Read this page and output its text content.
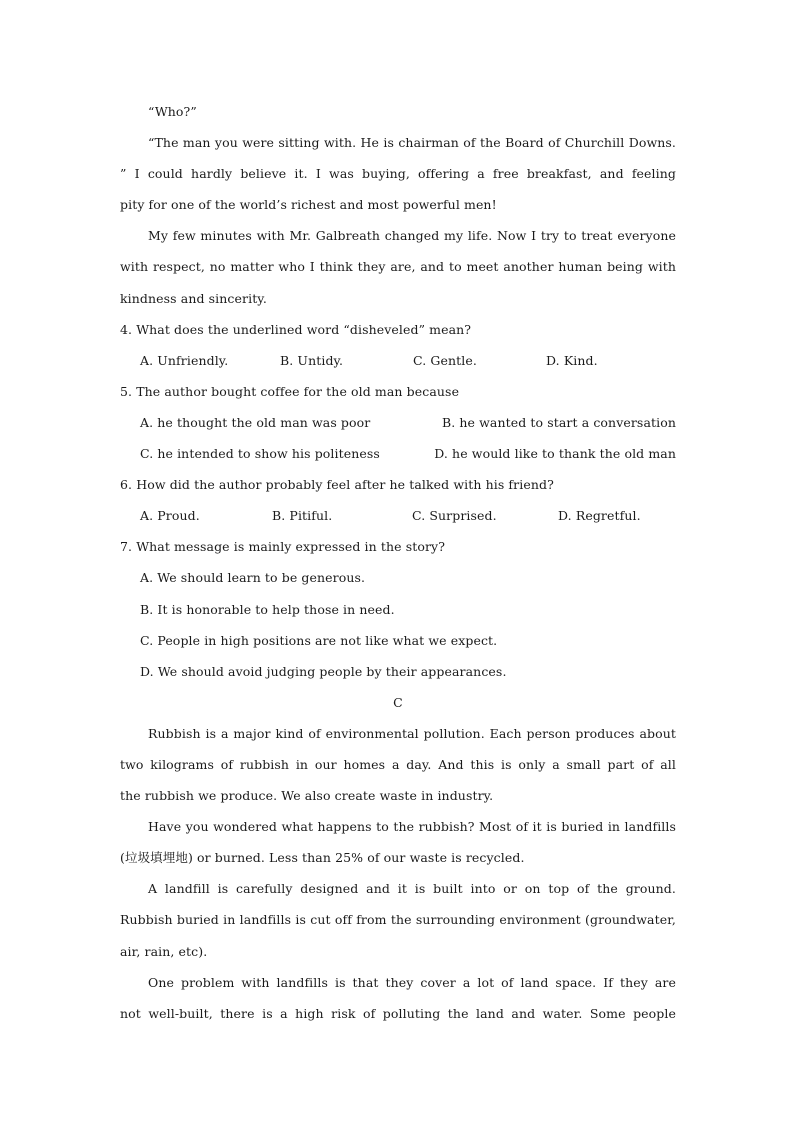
“Who?”
“The man you were sitting with. He is chairman of the Board of Churchill Downs.
” I could hardly believe it. I was buying, offering a free breakfast, and feeling
pity for one of the world’s richest and most powerful men!
My few minutes with Mr. Galbreath changed my life. Now I try to treat everyone
with respect, no matter who I think they are, and to meet another human being with
kindness and sincerity.
4. What does the underlined word “disheveled” mean?
A. Unfriendly.	B. Untidy.	C. Gentle.	D. Kind.
5. The author bought coffee for the old man because
A. he thought the old man was poor	B. he wanted to start a conversation
C. he intended to show his politeness	D. he would like to thank the old man
6. How did the author probably feel after he talked with his friend?
A. Proud.	B. Pitiful.	C. Surprised.	D. Regretful.
7. What message is mainly expressed in the story?
A. We should learn to be generous.
B. It is honorable to help those in need.
C. People in high positions are not like what we expect.
D. We should avoid judging people by their appearances.
C
Rubbish is a major kind of environmental pollution. Each person produces about
two kilograms of rubbish in our homes a day. And this is only a small part of all
the rubbish we produce. We also create waste in industry.
Have you wondered what happens to the rubbish? Most of it is buried in landfills
(垃圾填埋地) or burned. Less than 25% of our waste is recycled.
A landfill is carefully designed and it is built into or on top of the ground.
Rubbish buried in landfills is cut off from the surrounding environment (groundwater,
air, rain, etc).
One problem with landfills is that they cover a lot of land space. If they are
not well-built, there is a high risk of polluting the land and water. Some people
